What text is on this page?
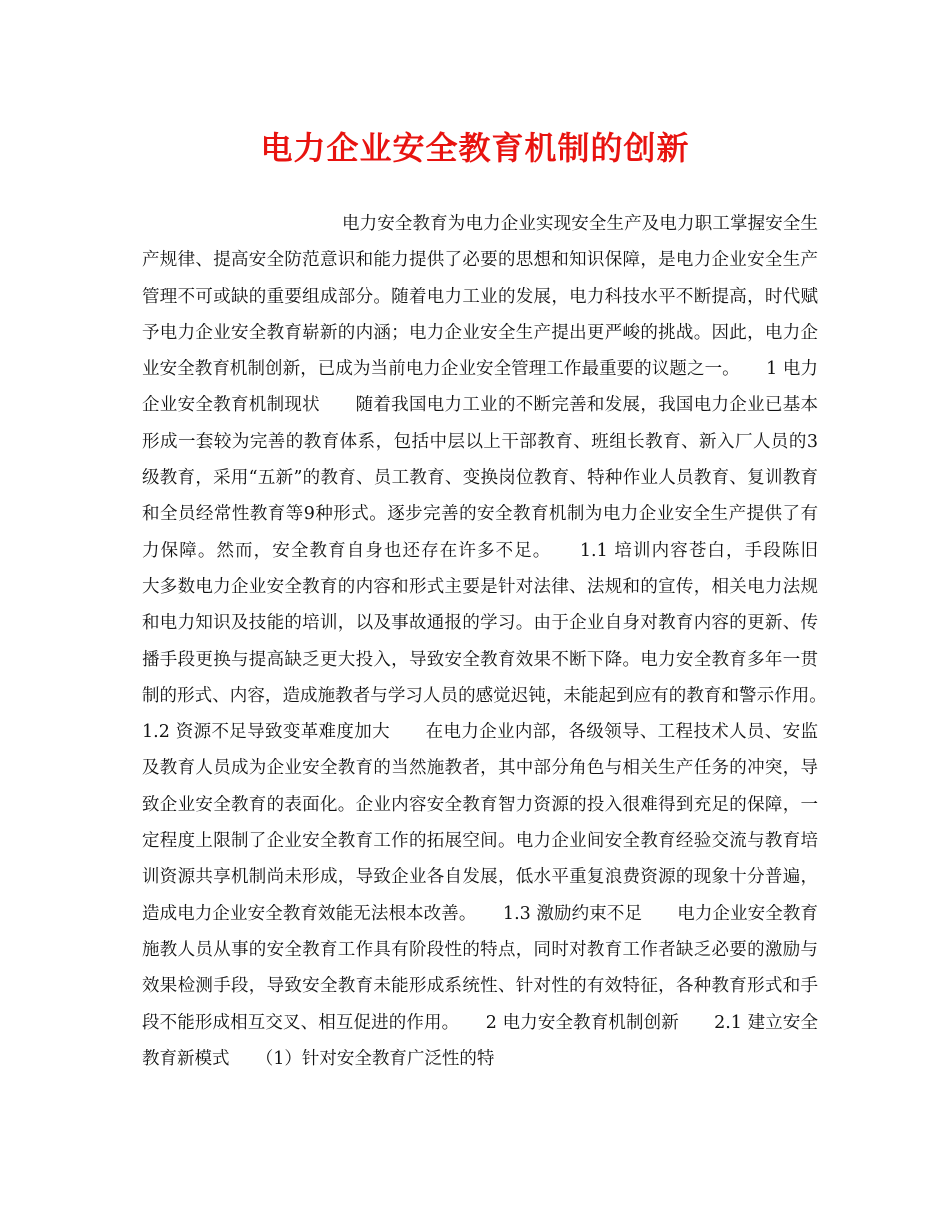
电力企业安全教育机制的创新

电力安全教育为电力企业实现安全生产及电力职工掌握安全生产规律、提高安全防范意识和能力提供了必要的思想和知识保障，是电力企业安全生产管理不可或缺的重要组成部分。随着电力工业的发展，电力科技水平不断提高，时代赋予电力企业安全教育崭新的内涵；电力企业安全生产提出更严峻的挑战。因此，电力企业安全教育机制创新，已成为当前电力企业安全管理工作最重要的议题之一。　　1 电力企业安全教育机制现状　　随着我国电力工业的不断完善和发展，我国电力企业已基本形成一套较为完善的教育体系，包括中层以上干部教育、班组长教育、新入厂人员的3级教育，采用“五新”的教育、员工教育、变换岗位教育、特种作业人员教育、复训教育和全员经常性教育等9种形式。逐步完善的安全教育机制为电力企业安全生产提供了有力保障。然而，安全教育自身也还存在许多不足。　　1.1 培训内容苍白，手段陈旧　　大多数电力企业安全教育的内容和形式主要是针对法律、法规和的宣传，相关电力法规和电力知识及技能的培训，以及事故通报的学习。由于企业自身对教育内容的更新、传播手段更换与提高缺乏更大投入，导致安全教育效果不断下降。电力安全教育多年一贯制的形式、内容，造成施教者与学习人员的感觉迟钝，未能起到应有的教育和警示作用。　　1.2 资源不足导致变革难度加大　　在电力企业内部，各级领导、工程技术人员、安监及教育人员成为企业安全教育的当然施教者，其中部分角色与相关生产任务的冲突，导致企业安全教育的表面化。企业内容安全教育智力资源的投入很难得到充足的保障，一定程度上限制了企业安全教育工作的拓展空间。电力企业间安全教育经验交流与教育培训资源共享机制尚未形成，导致企业各自发展，低水平重复浪费资源的现象十分普遍，造成电力企业安全教育效能无法根本改善。　　1.3 激励约束不足　　电力企业安全教育施教人员从事的安全教育工作具有阶段性的特点，同时对教育工作者缺乏必要的激励与效果检测手段，导致安全教育未能形成系统性、针对性的有效特征，各种教育形式和手段不能形成相互交叉、相互促进的作用。　　2 电力安全教育机制创新　　2.1 建立安全教育新模式　　（1）针对安全教育广泛性的特
